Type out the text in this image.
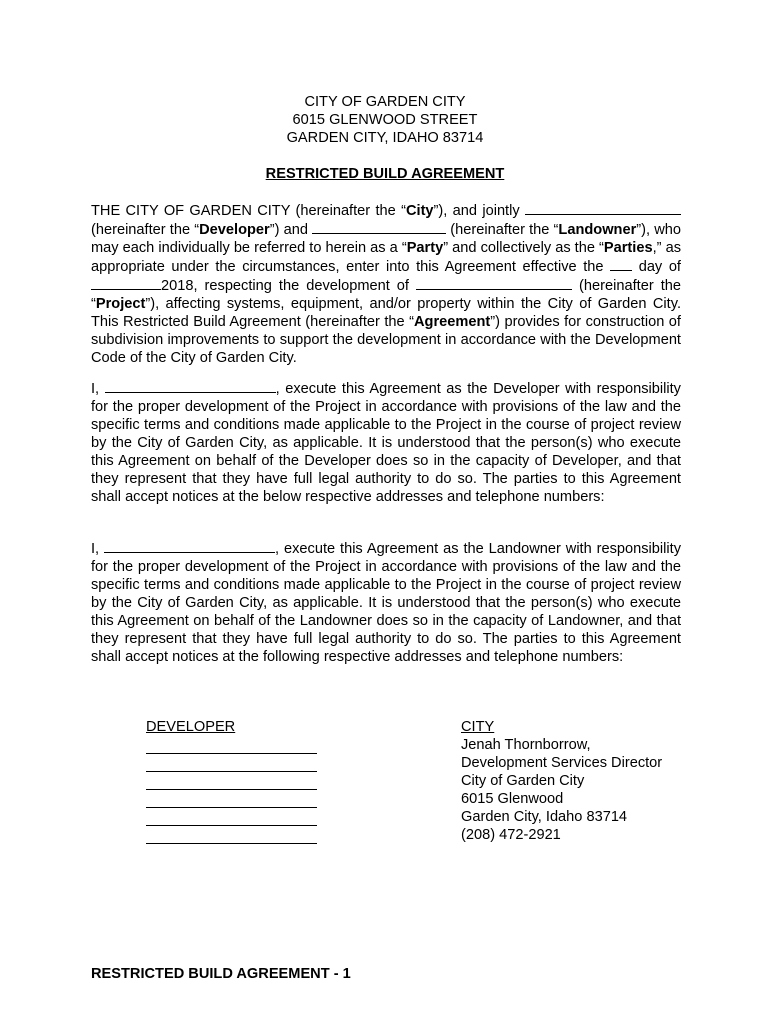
CITY OF GARDEN CITY
6015 GLENWOOD STREET
GARDEN CITY, IDAHO 83714
RESTRICTED BUILD AGREEMENT
THE CITY OF GARDEN CITY (hereinafter the “City”), and jointly  (hereinafter the “Developer”) and	(hereinafter the “Landowner”), who may each individually be referred to herein as a “Party” and collectively as the “Parties,” as appropriate under the circumstances, enter into this Agreement effective the day of 2018, respecting the development of	(hereinafter the “Project”), affecting systems, equipment, and/or property within the City of Garden City. This Restricted Build Agreement (hereinafter the “Agreement”) provides for construction of subdivision improvements to support the development in accordance with the Development Code of the City of Garden City.
I,	, execute this Agreement as the Developer with responsibility for the proper development of the Project in accordance with provisions of the law and the specific terms and conditions made applicable to the Project in the course of project review by the City of Garden City, as applicable. It is understood that the person(s) who execute this Agreement on behalf of the Developer does so in the capacity of Developer, and that they represent that they have full legal authority to do so. The parties to this Agreement shall accept notices at the below respective addresses and telephone numbers:
I,	, execute this Agreement as the Landowner with responsibility for the proper development of the Project in accordance with provisions of the law and the specific terms and conditions made applicable to the Project in the course of project review by the City of Garden City, as applicable. It is understood that the person(s) who execute this Agreement on behalf of the Landowner does so in the capacity of Landowner, and that they represent that they have full legal authority to do so. The parties to this Agreement shall accept notices at the following respective addresses and telephone numbers:
DEVELOPER	CITY
Jenah Thornborrow,
Development Services Director
City of Garden City
6015 Glenwood
Garden City, Idaho 83714
(208) 472-2921
RESTRICTED BUILD AGREEMENT - 1
